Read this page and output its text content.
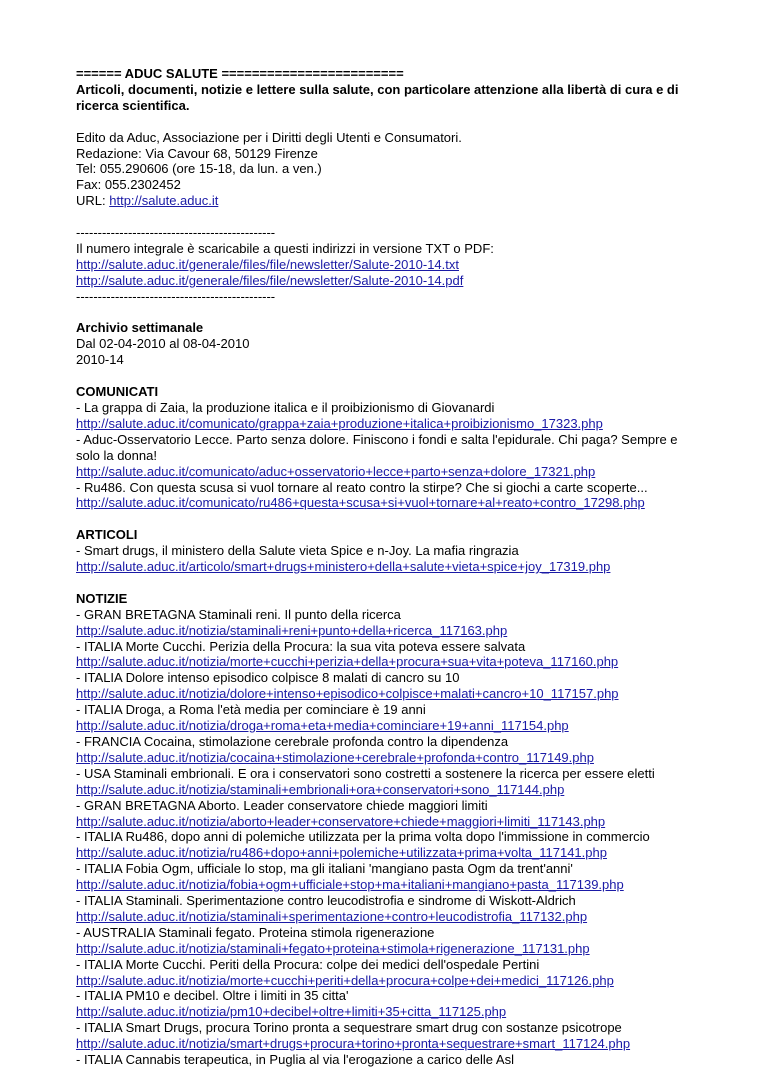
====== ADUC SALUTE ========================
Articoli, documenti, notizie e lettere sulla salute, con particolare attenzione alla libertà di cura e di ricerca scientifica.
Edito da Aduc, Associazione per i Diritti degli Utenti e Consumatori.
Redazione: Via Cavour 68, 50129 Firenze
Tel: 055.290606 (ore 15-18, da lun. a ven.)
Fax: 055.2302452
URL: http://salute.aduc.it
----------------------------------------------
Il numero integrale è scaricabile a questi indirizzi in versione TXT o PDF:
http://salute.aduc.it/generale/files/file/newsletter/Salute-2010-14.txt
http://salute.aduc.it/generale/files/file/newsletter/Salute-2010-14.pdf
----------------------------------------------
Archivio settimanale
Dal 02-04-2010 al 08-04-2010
2010-14
COMUNICATI
- La grappa di Zaia, la produzione italica e il proibizionismo di Giovanardi
http://salute.aduc.it/comunicato/grappa+zaia+produzione+italica+proibizionismo_17323.php
- Aduc-Osservatorio Lecce. Parto senza dolore. Finiscono i fondi e salta l'epidurale. Chi paga? Sempre e solo la donna!
http://salute.aduc.it/comunicato/aduc+osservatorio+lecce+parto+senza+dolore_17321.php
- Ru486. Con questa scusa si vuol tornare al reato contro la stirpe? Che si giochi a carte scoperte...
http://salute.aduc.it/comunicato/ru486+questa+scusa+si+vuol+tornare+al+reato+contro_17298.php
ARTICOLI
- Smart drugs, il ministero della Salute vieta Spice e n-Joy. La mafia ringrazia
http://salute.aduc.it/articolo/smart+drugs+ministero+della+salute+vieta+spice+joy_17319.php
NOTIZIE
- GRAN BRETAGNA Staminali reni. Il punto della ricerca
http://salute.aduc.it/notizia/staminali+reni+punto+della+ricerca_117163.php
- ITALIA Morte Cucchi. Perizia della Procura: la sua vita poteva essere salvata
http://salute.aduc.it/notizia/morte+cucchi+perizia+della+procura+sua+vita+poteva_117160.php
- ITALIA Dolore intenso episodico colpisce 8 malati di cancro su 10
http://salute.aduc.it/notizia/dolore+intenso+episodico+colpisce+malati+cancro+10_117157.php
- ITALIA Droga, a Roma l'età media per cominciare è 19 anni
http://salute.aduc.it/notizia/droga+roma+eta+media+cominciare+19+anni_117154.php
- FRANCIA Cocaina, stimolazione cerebrale profonda contro la dipendenza
http://salute.aduc.it/notizia/cocaina+stimolazione+cerebrale+profonda+contro_117149.php
- USA Staminali embrionali. E ora i conservatori sono costretti a sostenere la ricerca per essere eletti
http://salute.aduc.it/notizia/staminali+embrionali+ora+conservatori+sono_117144.php
- GRAN BRETAGNA Aborto. Leader conservatore chiede maggiori limiti
http://salute.aduc.it/notizia/aborto+leader+conservatore+chiede+maggiori+limiti_117143.php
- ITALIA Ru486, dopo anni di polemiche utilizzata per la prima volta dopo l'immissione in commercio
http://salute.aduc.it/notizia/ru486+dopo+anni+polemiche+utilizzata+prima+volta_117141.php
- ITALIA Fobia Ogm, ufficiale lo stop, ma gli italiani 'mangiano pasta Ogm da trent'anni'
http://salute.aduc.it/notizia/fobia+ogm+ufficiale+stop+ma+italiani+mangiano+pasta_117139.php
- ITALIA Staminali. Sperimentazione contro leucodistrofia e sindrome di Wiskott-Aldrich
http://salute.aduc.it/notizia/staminali+sperimentazione+contro+leucodistrofia_117132.php
- AUSTRALIA Staminali fegato. Proteina stimola rigenerazione
http://salute.aduc.it/notizia/staminali+fegato+proteina+stimola+rigenerazione_117131.php
- ITALIA Morte Cucchi. Periti della Procura: colpe dei medici dell'ospedale Pertini
http://salute.aduc.it/notizia/morte+cucchi+periti+della+procura+colpe+dei+medici_117126.php
- ITALIA PM10 e decibel. Oltre i limiti in 35 citta'
http://salute.aduc.it/notizia/pm10+decibel+oltre+limiti+35+citta_117125.php
- ITALIA Smart Drugs, procura Torino pronta a sequestrare smart drug con sostanze psicotrope
http://salute.aduc.it/notizia/smart+drugs+procura+torino+pronta+sequestrare+smart_117124.php
- ITALIA Cannabis terapeutica, in Puglia al via l'erogazione a carico delle Asl
